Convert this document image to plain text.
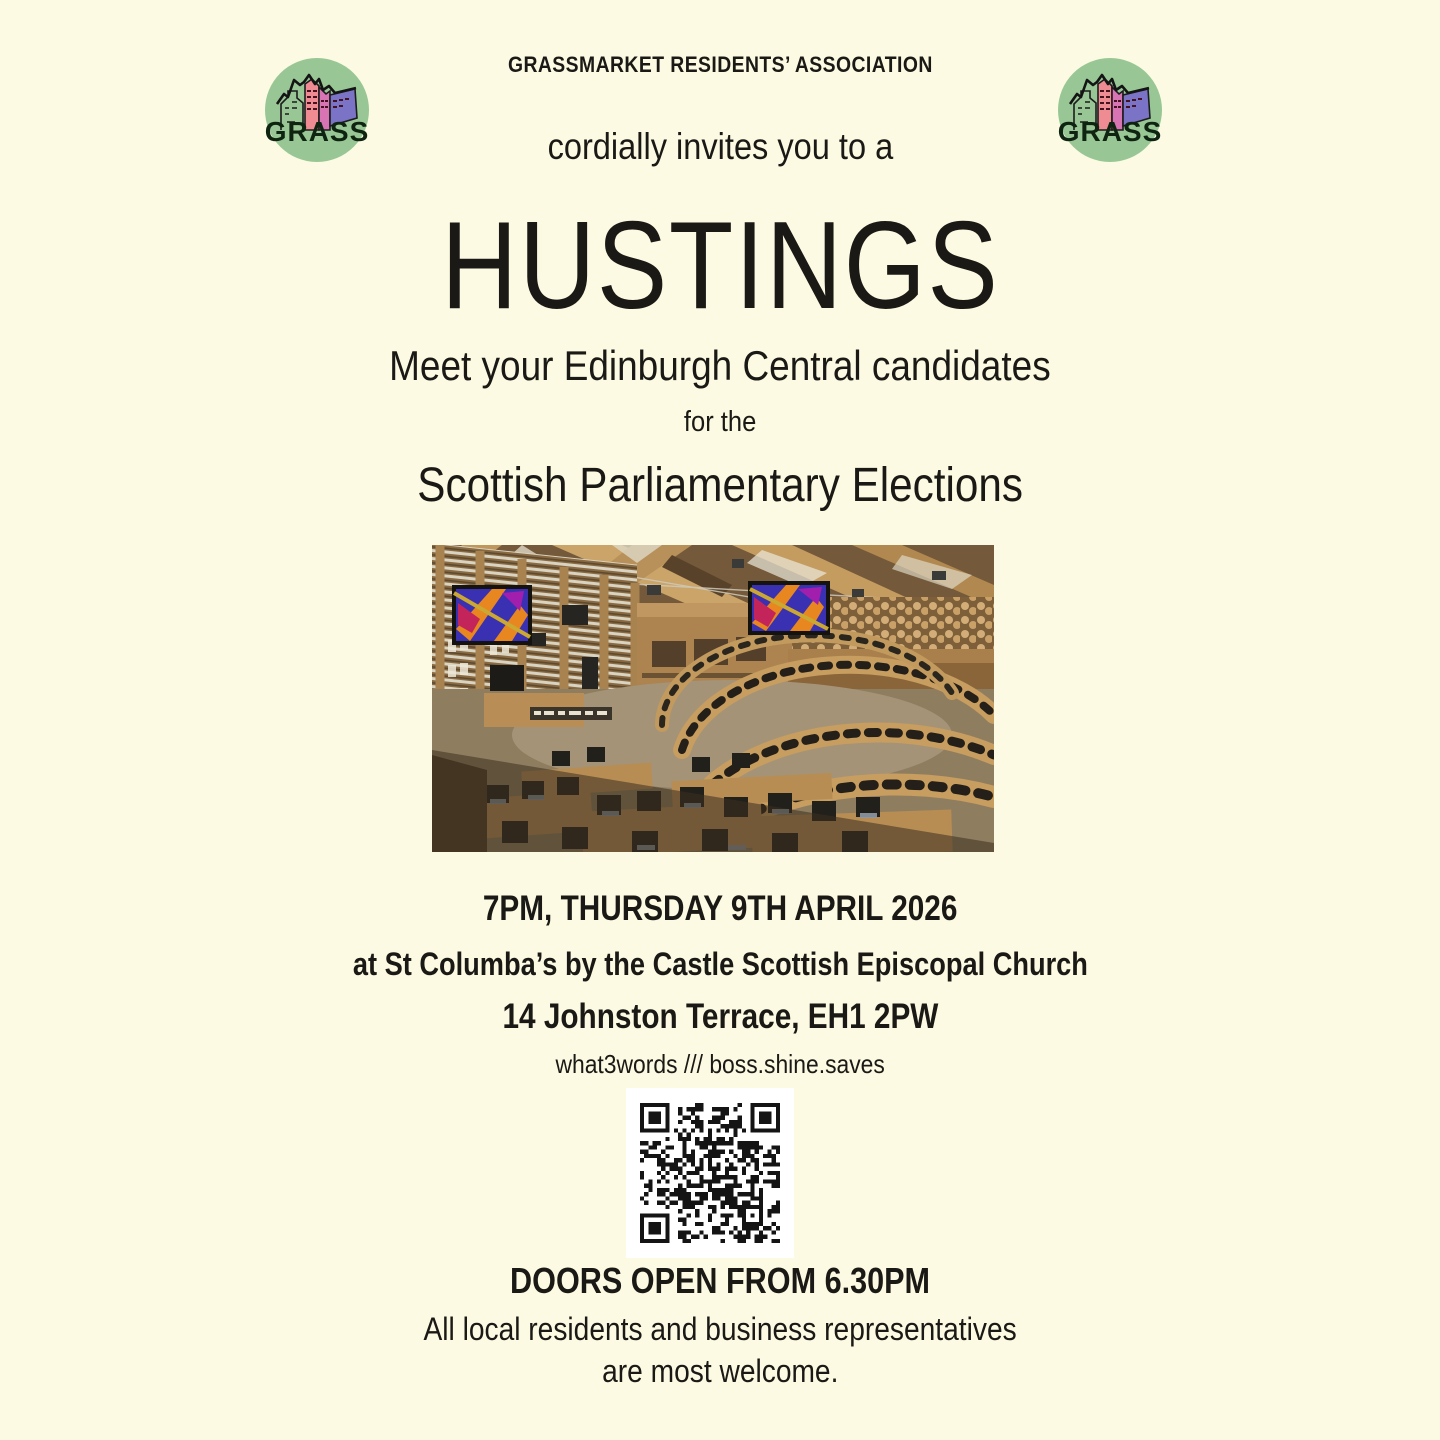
GRASS	GRASS
GRASSMARKET RESIDENTS’ ASSOCIATION
cordially invites you to a
HUSTINGS
Meet your Edinburgh Central candidates
for the
Scottish Parliamentary Elections
7PM, THURSDAY 9TH APRIL 2026
at St Columba’s by the Castle Scottish Episcopal Church
14 Johnston Terrace, EH1 2PW
what3words /// boss.shine.saves
DOORS OPEN FROM 6.30PM
All local residents and business representatives
are most welcome.
